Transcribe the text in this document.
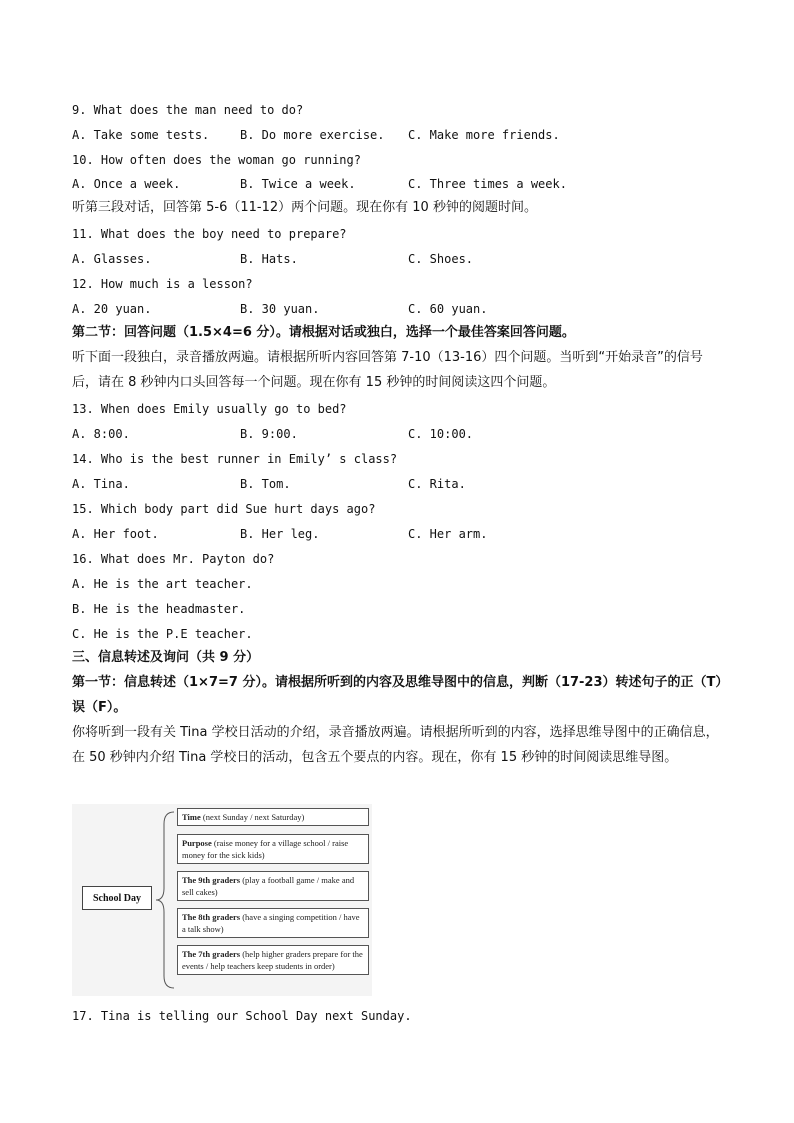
9. What does the man need to do?
A. Take some tests.	B. Do more exercise. C. Make more friends.
10. How often does the woman go running?
A. Once a week.	B. Twice a week.	C. Three times a week.
听第三段对话，回答第 5-6（11-12）两个问题。现在你有 10 秒钟的阅题时间。
11. What does the boy need to prepare?
A. Glasses.	B. Hats.	C. Shoes.
12. How much is a lesson?
A. 20 yuan.	B. 30 yuan.	C. 60 yuan.
第二节：回答问题（1.5×4=6 分）。请根据对话或独白，选择一个最佳答案回答问题。
听下面一段独白，录音播放两遍。请根据所听内容回答第 7-10（13-16）四个问题。当听到“开始录音”的信号后，请在 8 秒钟内口头回答每一个问题。现在你有 15 秒钟的时间阅读这四个问题。
13. When does Emily usually go to bed?
A. 8:00.	B. 9:00.	C. 10:00.
14. Who is the best runner in Emily’ s class?
A. Tina.	B. Tom.	C. Rita.
15. Which body part did Sue hurt days ago?
A. Her foot.	B. Her leg.	C. Her arm.
16. What does Mr. Payton do?
A. He is the art teacher.
B. He is the headmaster.
C. He is the P.E teacher.
三、信息转述及询问（共 9 分）
第一节：信息转述（1×7=7 分）。请根据所听到的内容及思维导图中的信息，判断（17-23）转述句子的正（T）误（F）。
你将听到一段有关 Tina 学校日活动的介绍，录音播放两遍。请根据所听到的内容，选择思维导图中的正确信息，在 50 秒钟内介绍 Tina 学校日的活动，包含五个要点的内容。现在，你有 15 秒钟的时间阅读思维导图。
School Day
Time (next Sunday / next Saturday)
Purpose (raise money for a village school / raise money for the sick kids)
The 9th graders (play a football game / make and sell cakes)
The 8th graders (have a singing competition / have a talk show)
The 7th graders (help higher graders prepare for the events / help teachers keep students in order)
17. Tina is telling our School Day next Sunday.
